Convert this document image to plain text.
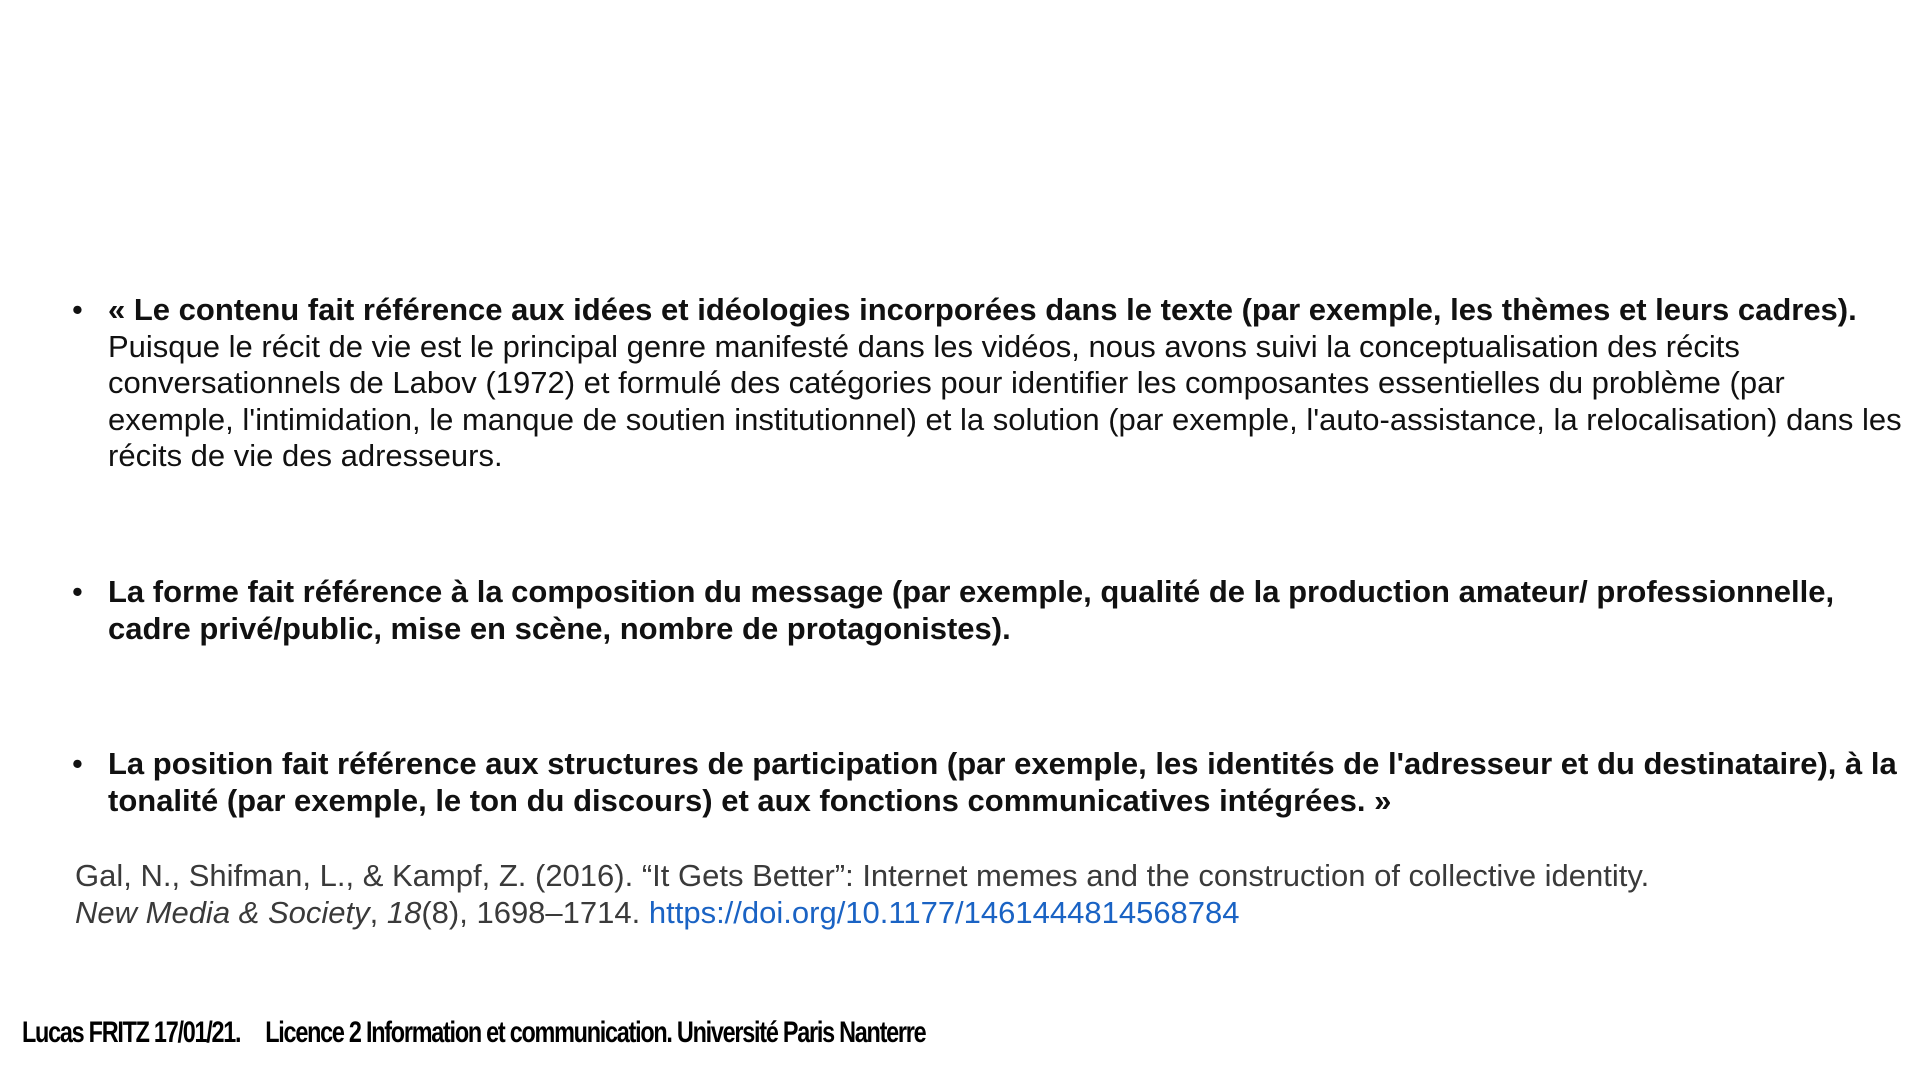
• « Le contenu fait référence aux idées et idéologies incorporées dans le texte (par exemple, les thèmes et leurs cadres). Puisque le récit de vie est le principal genre manifesté dans les vidéos, nous avons suivi la conceptualisation des récits conversationnels de Labov (1972) et formulé des catégories pour identifier les composantes essentielles du problème (par exemple, l'intimidation, le manque de soutien institutionnel) et la solution (par exemple, l'auto-assistance, la relocalisation) dans les récits de vie des adresseurs.
• La forme fait référence à la composition du message (par exemple, qualité de la production amateur/ professionnelle, cadre privé/public, mise en scène, nombre de protagonistes).
• La position fait référence aux structures de participation (par exemple, les identités de l'adresseur et du destinataire), à la tonalité (par exemple, le ton du discours) et aux fonctions communicatives intégrées. »
Gal, N., Shifman, L., & Kampf, Z. (2016). “It Gets Better”: Internet memes and the construction of collective identity.
New Media & Society, 18(8), 1698–1714. https://doi.org/10.1177/1461444814568784
Lucas FRITZ 17/01/21. Licence 2 Information et communication. Université Paris Nanterre
